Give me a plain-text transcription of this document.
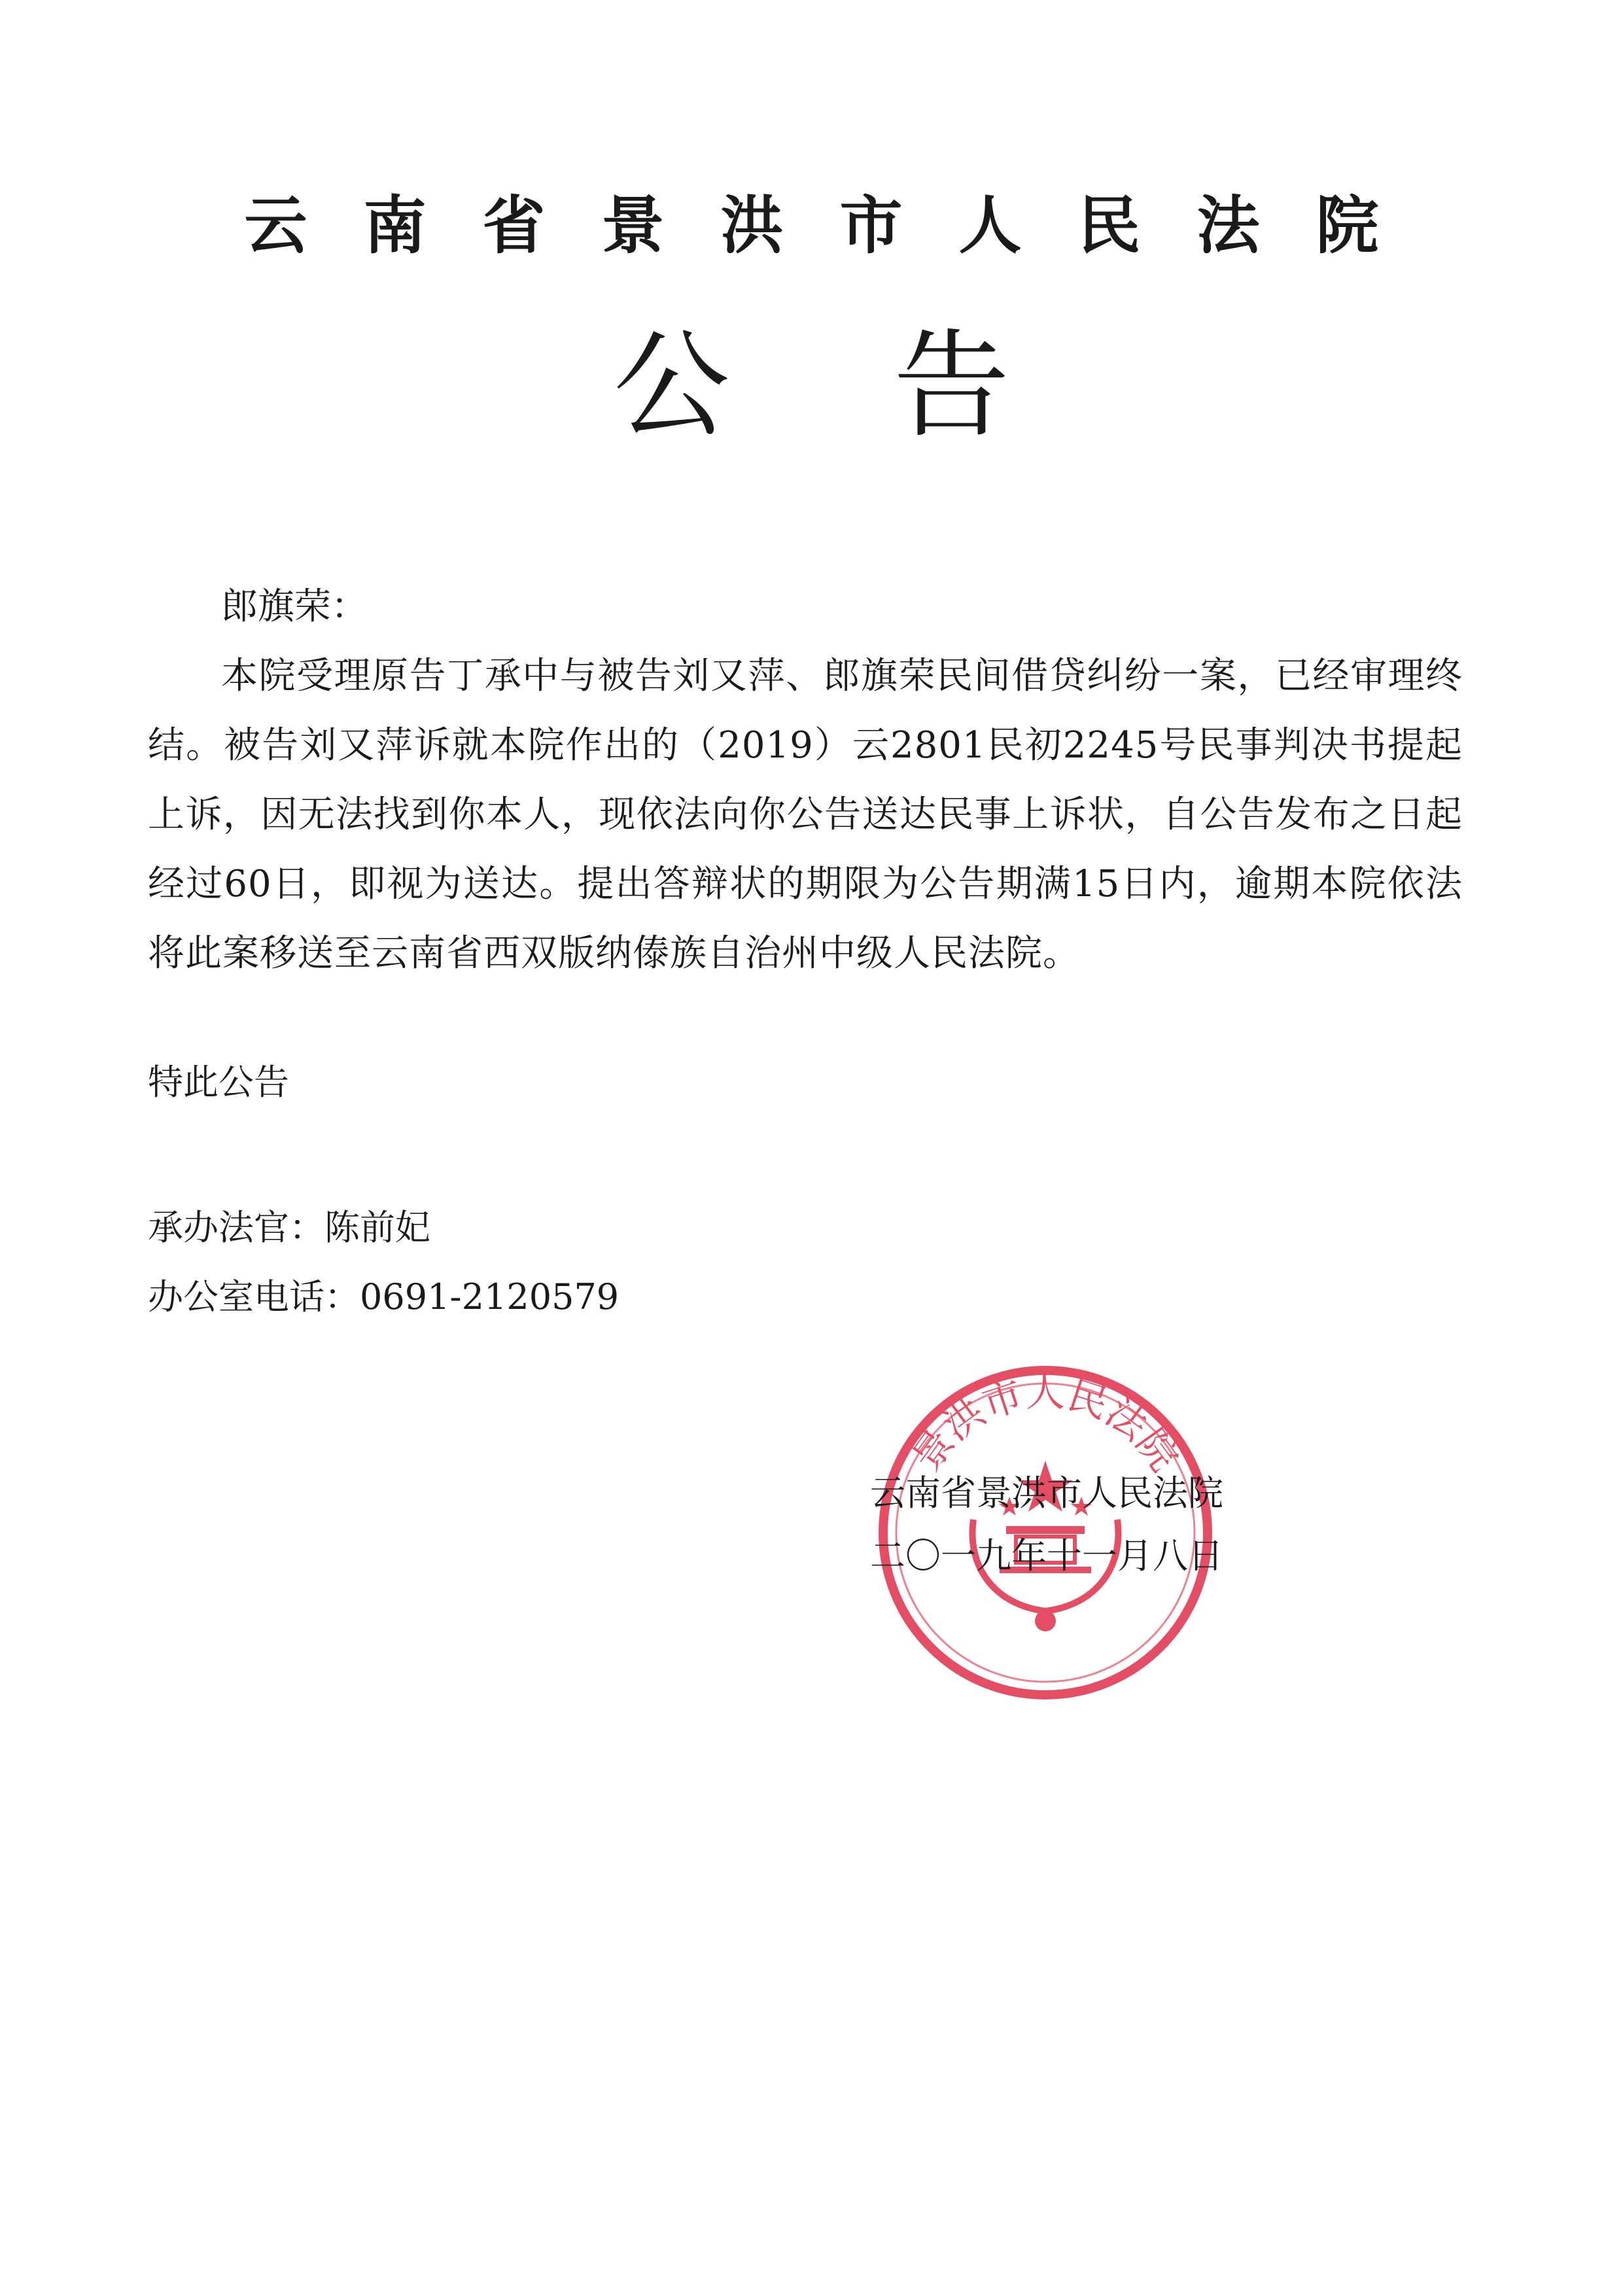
云南省景洪市人民法院
公告
郎旗荣：
本院受理原告丁承中与被告刘又萍、郎旗荣民间借贷纠纷一案，已经审理终结。被告刘又萍诉就本院作出的（2019）云2801民初2245号民事判决书提起上诉，因无法找到你本人，现依法向你公告送达民事上诉状，自公告发布之日起经过60日，即视为送达。提出答辩状的期限为公告期满15日内，逾期本院依法将此案移送至云南省西双版纳傣族自治州中级人民法院。
特此公告
承办法官：陈前妃
办公室电话：0691-2120579
景洪市人民法院
云南省景洪市人民法院
二〇一九年十一月八日
